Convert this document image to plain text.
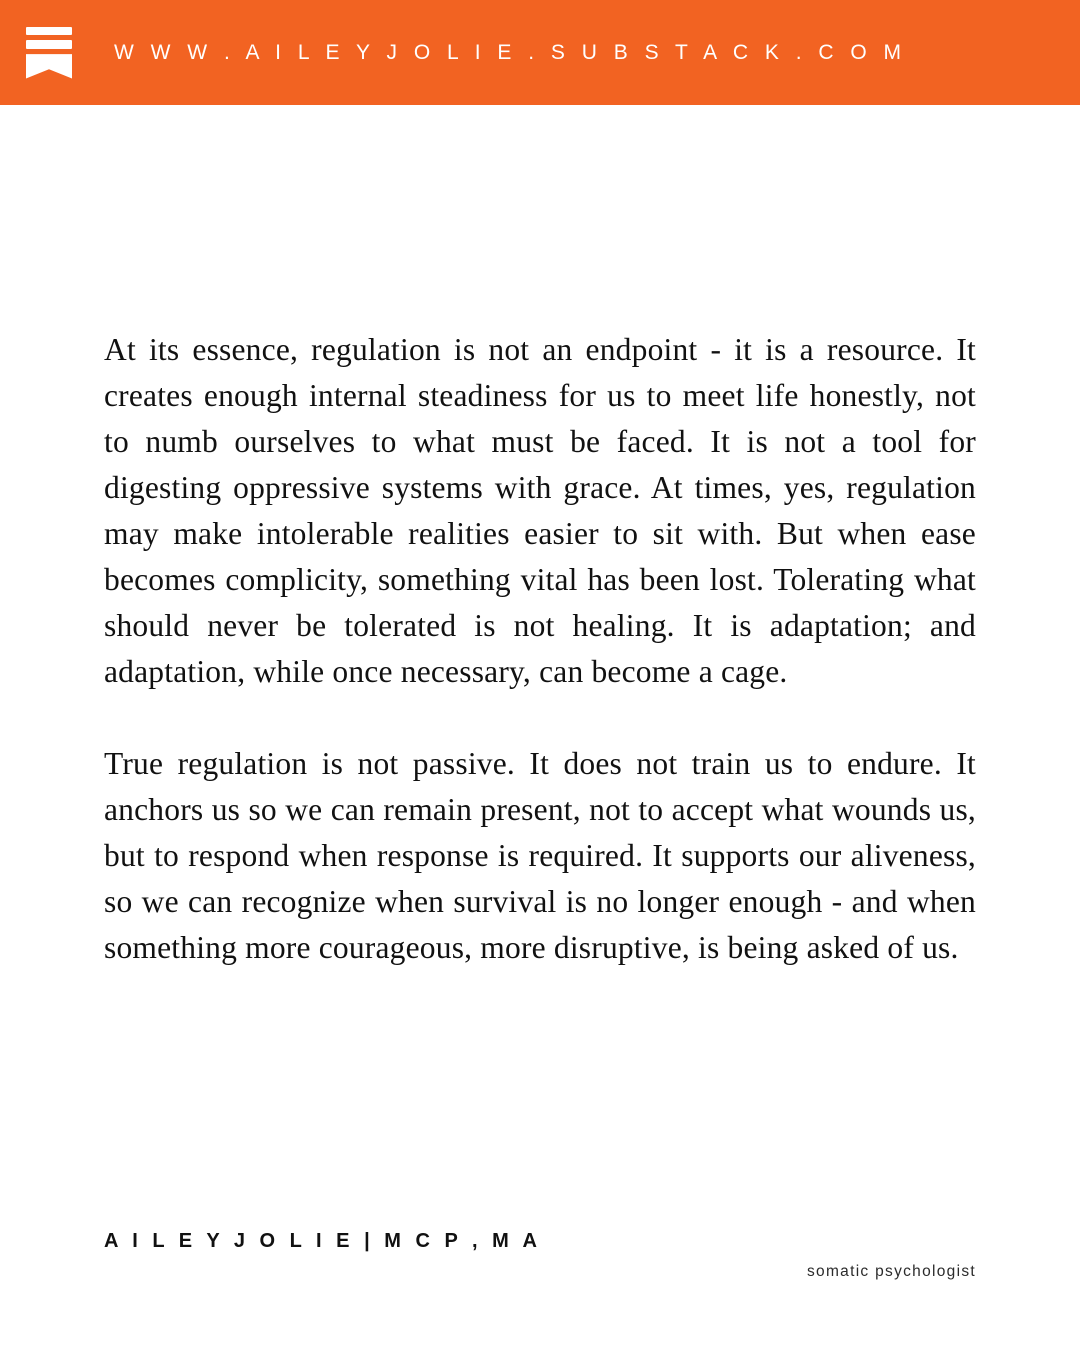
W W W . A I L E Y J O L I E . S U B S T A C K . C O M

At its essence, regulation is not an endpoint - it is a resource. It creates enough internal steadiness for us to meet life honestly, not to numb ourselves to what must be faced. It is not a tool for digesting oppressive systems with grace. At times, yes, regulation may make intolerable realities easier to sit with. But when ease becomes complicity, something vital has been lost. Tolerating what should never be tolerated is not healing. It is adaptation; and adaptation, while once necessary, can become a cage.

True regulation is not passive. It does not train us to endure. It anchors us so we can remain present, not to accept what wounds us, but to respond when response is required. It supports our aliveness, so we can recognize when survival is no longer enough - and when something more courageous, more disruptive, is being asked of us.

A I L E Y J O L I E | M C P , M A
somatic psychologist
